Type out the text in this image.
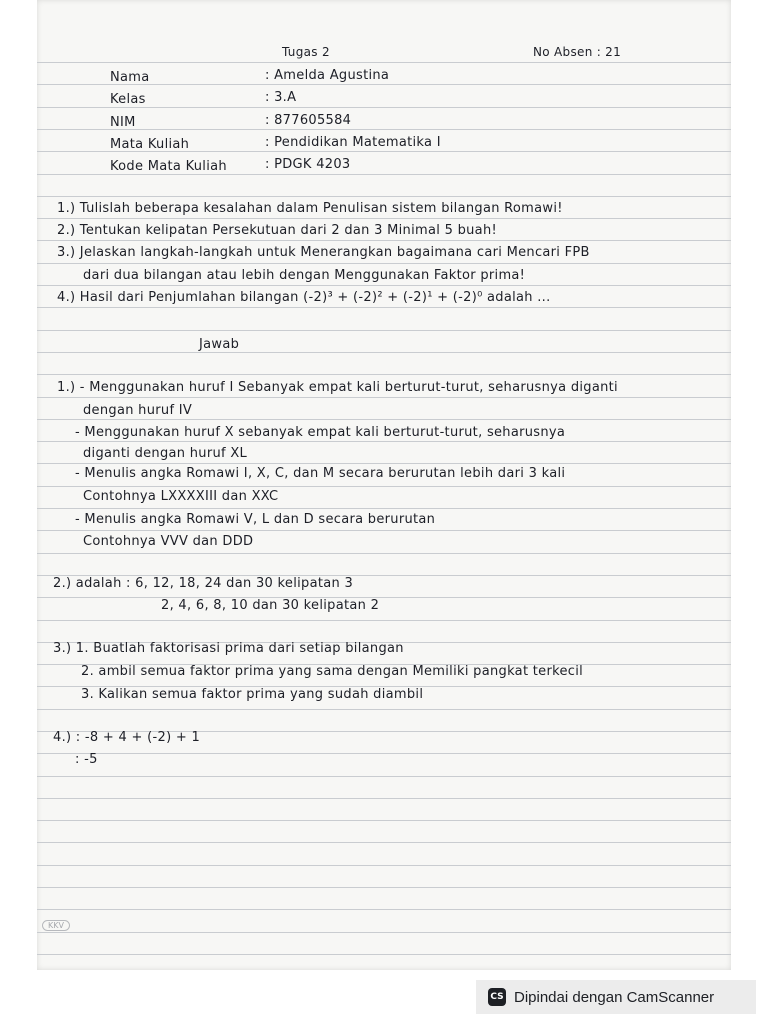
Tugas 2	No Absen : 21
Nama	: Amelda Agustina
Kelas	: 3.A
NIM	: 877605584
Mata Kuliah	: Pendidikan Matematika I
Kode Mata Kuliah	: PDGK 4203
1.) Tulislah beberapa kesalahan dalam Penulisan sistem bilangan Romawi!
2.) Tentukan kelipatan Persekutuan dari 2 dan 3 Minimal 5 buah!
3.) Jelaskan langkah-langkah untuk Menerangkan bagaimana cari Mencari FPB
dari dua bilangan atau lebih dengan Menggunakan Faktor prima!
4.) Hasil dari Penjumlahan bilangan (-2)³ + (-2)² + (-2)¹ + (-2)⁰ adalah ...
Jawab
1.) - Menggunakan huruf I Sebanyak empat kali berturut-turut, seharusnya diganti
dengan huruf IV
- Menggunakan huruf X sebanyak empat kali berturut-turut, seharusnya
diganti dengan huruf XL
- Menulis angka Romawi I, X, C, dan M secara berurutan lebih dari 3 kali
Contohnya LXXXXIII dan XXC
- Menulis angka Romawi V, L dan D secara berurutan
Contohnya VVV dan DDD
2.) adalah : 6, 12, 18, 24 dan 30 kelipatan 3
2, 4, 6, 8, 10 dan 30 kelipatan 2
3.) 1. Buatlah faktorisasi prima dari setiap bilangan
2. ambil semua faktor prima yang sama dengan Memiliki pangkat terkecil
3. Kalikan semua faktor prima yang sudah diambil
4.) : -8 + 4 + (-2) + 1
: -5
KKV
CS Dipindai dengan CamScanner
